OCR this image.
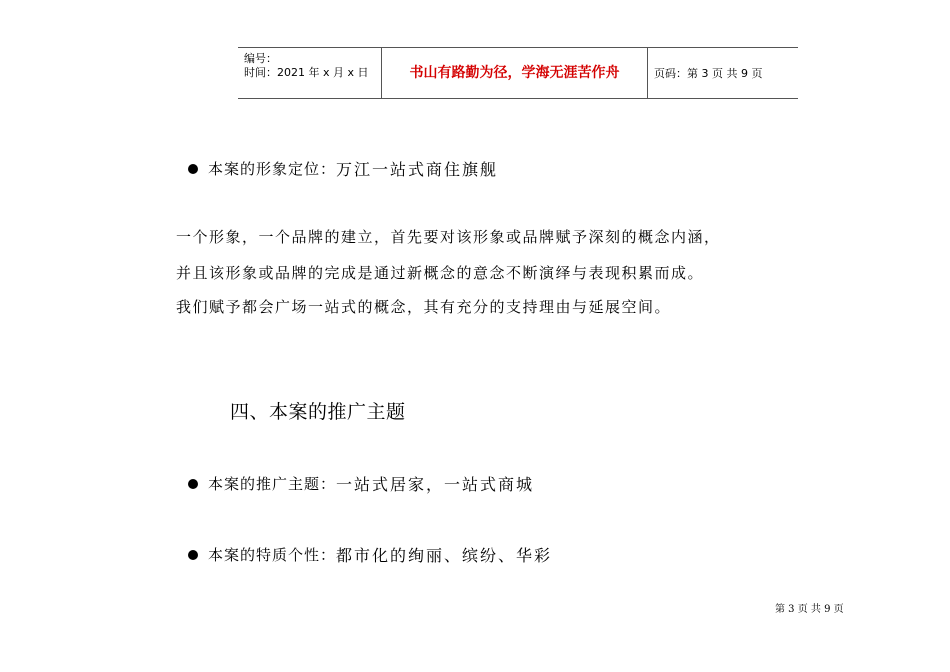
编号：
时间：2021 年 x 月 x 日	书山有路勤为径，学海无涯苦作舟	页码：第 3 页 共 9 页
本案的形象定位： 万江一站式商住旗舰
一个形象，一个品牌的建立，首先要对该形象或品牌赋予深刻的概念内涵，
并且该形象或品牌的完成是通过新概念的意念不断演绎与表现积累而成。
我们赋予都会广场一站式的概念，其有充分的支持理由与延展空间。
四、本案的推广主题
本案的推广主题： 一站式居家，一站式商城
本案的特质个性： 都市化的绚丽、缤纷、华彩
第 3 页 共 9 页
